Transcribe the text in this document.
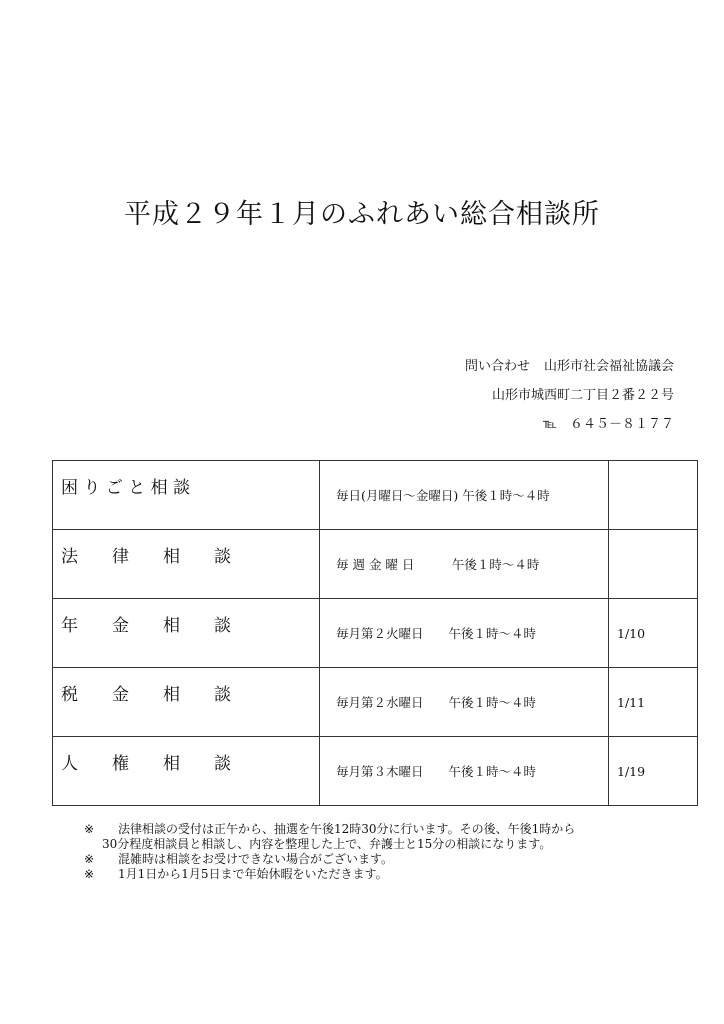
平成２９年１月のふれあい総合相談所
問い合わせ 山形市社会福祉協議会
山形市城西町二丁目２番２２号
℡　６４５－８１７７
困 り ご と 相 談	毎日(月曜日～金曜日) 午後１時～４時	
法　　律　　相　　談	毎 週 金 曜 日　　　午後１時～４時	
年　　金　　相　　談	毎月第２火曜日　　午後１時～４時	1/10
税　　金　　相　　談	毎月第２水曜日　　午後１時～４時	1/11
人　　権　　相　　談	毎月第３木曜日　　午後１時～４時	1/19
※ 法律相談の受付は正午から、抽選を午後12時30分に行います。その後、午後1時から
30分程度相談員と相談し、内容を整理した上で、弁護士と15分の相談になります。
※ 混雑時は相談をお受けできない場合がございます。
※ 1月1日から1月5日まで年始休暇をいただきます。
